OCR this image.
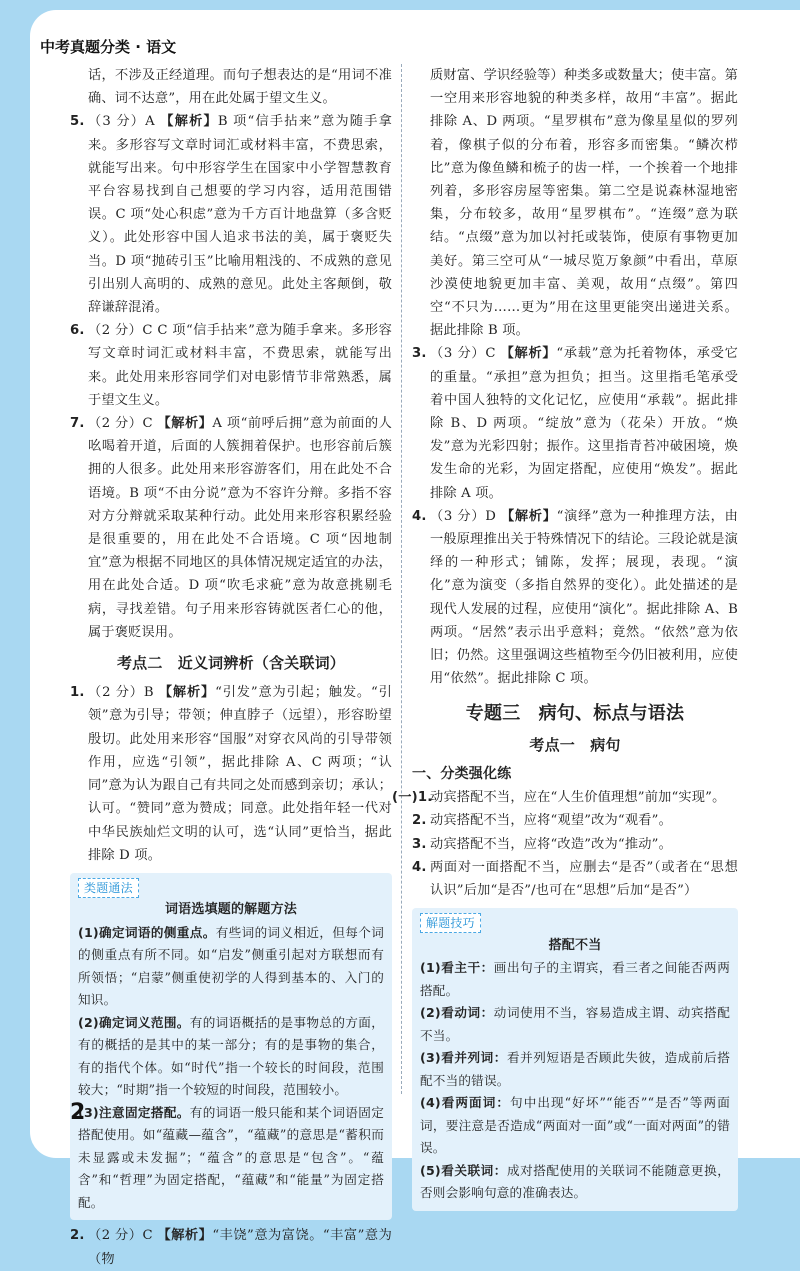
中考真题分类 · 语文

话，不涉及正经道理。而句子想表达的是“用词不准确、词不达意”，用在此处属于望文生义。

5. （3 分）A 【解析】B 项“信手拈来”意为随手拿来。多形容写文章时词汇或材料丰富，不费思索，就能写出来。句中形容学生在国家中小学智慧教育平台容易找到自己想要的学习内容，适用范围错误。C 项“处心积虑”意为千方百计地盘算（多含贬义）。此处形容中国人追求书法的美，属于褒贬失当。D 项“抛砖引玉”比喻用粗浅的、不成熟的意见引出别人高明的、成熟的意见。此处主客颠倒，敬辞谦辞混淆。
6. （2 分）C C 项“信手拈来”意为随手拿来。多形容写文章时词汇或材料丰富，不费思索，就能写出来。此处用来形容同学们对电影情节非常熟悉，属于望文生义。
7. （2 分）C 【解析】A 项“前呼后拥”意为前面的人吆喝着开道，后面的人簇拥着保护。也形容前后簇拥的人很多。此处用来形容游客们，用在此处不合语境。B 项“不由分说”意为不容许分辩。多指不容对方分辩就采取某种行动。此处用来形容积累经验是很重要的，用在此处不合语境。C 项“因地制宜”意为根据不同地区的具体情况规定适宜的办法，用在此处合适。D 项“吹毛求疵”意为故意挑剔毛病，寻找差错。句子用来形容铸就医者仁心的他，属于褒贬误用。
考点二　近义词辨析（含关联词）
1. （2 分）B 【解析】“引发”意为引起；触发。“引领”意为引导；带领；伸直脖子（远望），形容盼望殷切。此处用来形容“国服”对穿衣风尚的引导带领作用，应选“引领”，据此排除 A、C 两项；“认同”意为认为跟自己有共同之处而感到亲切；承认；认可。“赞同”意为赞成；同意。此处指年轻一代对中华民族灿烂文明的认可，选“认同”更恰当，据此排除 D 项。
类题通法
词语选填题的解题方法

(1)确定词语的侧重点。有些词的词义相近，但每个词的侧重点有所不同。如“启发”侧重引起对方联想而有所领悟；“启蒙”侧重使初学的人得到基本的、入门的知识。

(2)确定词义范围。有的词语概括的是事物总的方面，有的概括的是其中的某一部分；有的是事物的集合，有的指代个体。如“时代”指一个较长的时间段，范围较大；“时期”指一个较短的时间段，范围较小。

(3)注意固定搭配。有的词语一般只能和某个词语固定搭配使用。如“蕴藏—蕴含”，“蕴藏”的意思是“蓄积而未显露或未发掘”；“蕴含”的意思是“包含”。“蕴含”和“哲理”为固定搭配，“蕴藏”和“能量”为固定搭配。

2. （2 分）C 【解析】“丰饶”意为富饶。“丰富”意为（物

质财富、学识经验等）种类多或数量大；使丰富。第一空用来形容地貌的种类多样，故用“丰富”。据此排除 A、D 两项。“星罗棋布”意为像星星似的罗列着，像棋子似的分布着，形容多而密集。“鳞次栉比”意为像鱼鳞和梳子的齿一样，一个挨着一个地排列着，多形容房屋等密集。第二空是说森林湿地密集，分布较多，故用“星罗棋布”。“连缀”意为联结。“点缀”意为加以衬托或装饰，使原有事物更加美好。第三空可从“一城尽览万象颜”中看出，草原沙漠使地貌更加丰富、美观，故用“点缀”。第四空“不只为……更为”用在这里更能突出递进关系。据此排除 B 项。

3. （3 分）C 【解析】“承载”意为托着物体，承受它的重量。“承担”意为担负；担当。这里指毛笔承受着中国人独特的文化记忆，应使用“承载”。据此排除 B、D 两项。“绽放”意为（花朵）开放。“焕发”意为光彩四射；振作。这里指青苔冲破困境，焕发生命的光彩，为固定搭配，应使用“焕发”。据此排除 A 项。
4. （3 分）D 【解析】“演绎”意为一种推理方法，由一般原理推出关于特殊情况下的结论。三段论就是演绎的一种形式；铺陈，发挥；展现，表现。“演化”意为演变（多指自然界的变化）。此处描述的是现代人发展的过程，应使用“演化”。据此排除 A、B 两项。“居然”表示出乎意料；竟然。“依然”意为依旧；仍然。这里强调这些植物至今仍旧被利用，应使用“依然”。据此排除 C 项。
专题三　病句、标点与语法
考点一　病句
一、分类强化练
(一)1.
动宾搭配不当，应在“人生价值理想”前加“实现”。
2. 动宾搭配不当，应将“观望”改为“观看”。
3. 动宾搭配不当，应将“改造”改为“推动”。
4. 两面对一面搭配不当，应删去“是否”（或者在“思想认识”后加“是否”/也可在“思想”后加“是否”）
解题技巧
搭配不当

(1)看主干：画出句子的主谓宾，看三者之间能否两两搭配。

(2)看动词：动词使用不当，容易造成主谓、动宾搭配不当。

(3)看并列词：看并列短语是否顾此失彼，造成前后搭配不当的错误。

(4)看两面词：句中出现“好坏”“能否”“是否”等两面词，要注意是否造成“两面对一面”或“一面对两面”的错误。

(5)看关联词：成对搭配使用的关联词不能随意更换，否则会影响句意的准确表达。

2
